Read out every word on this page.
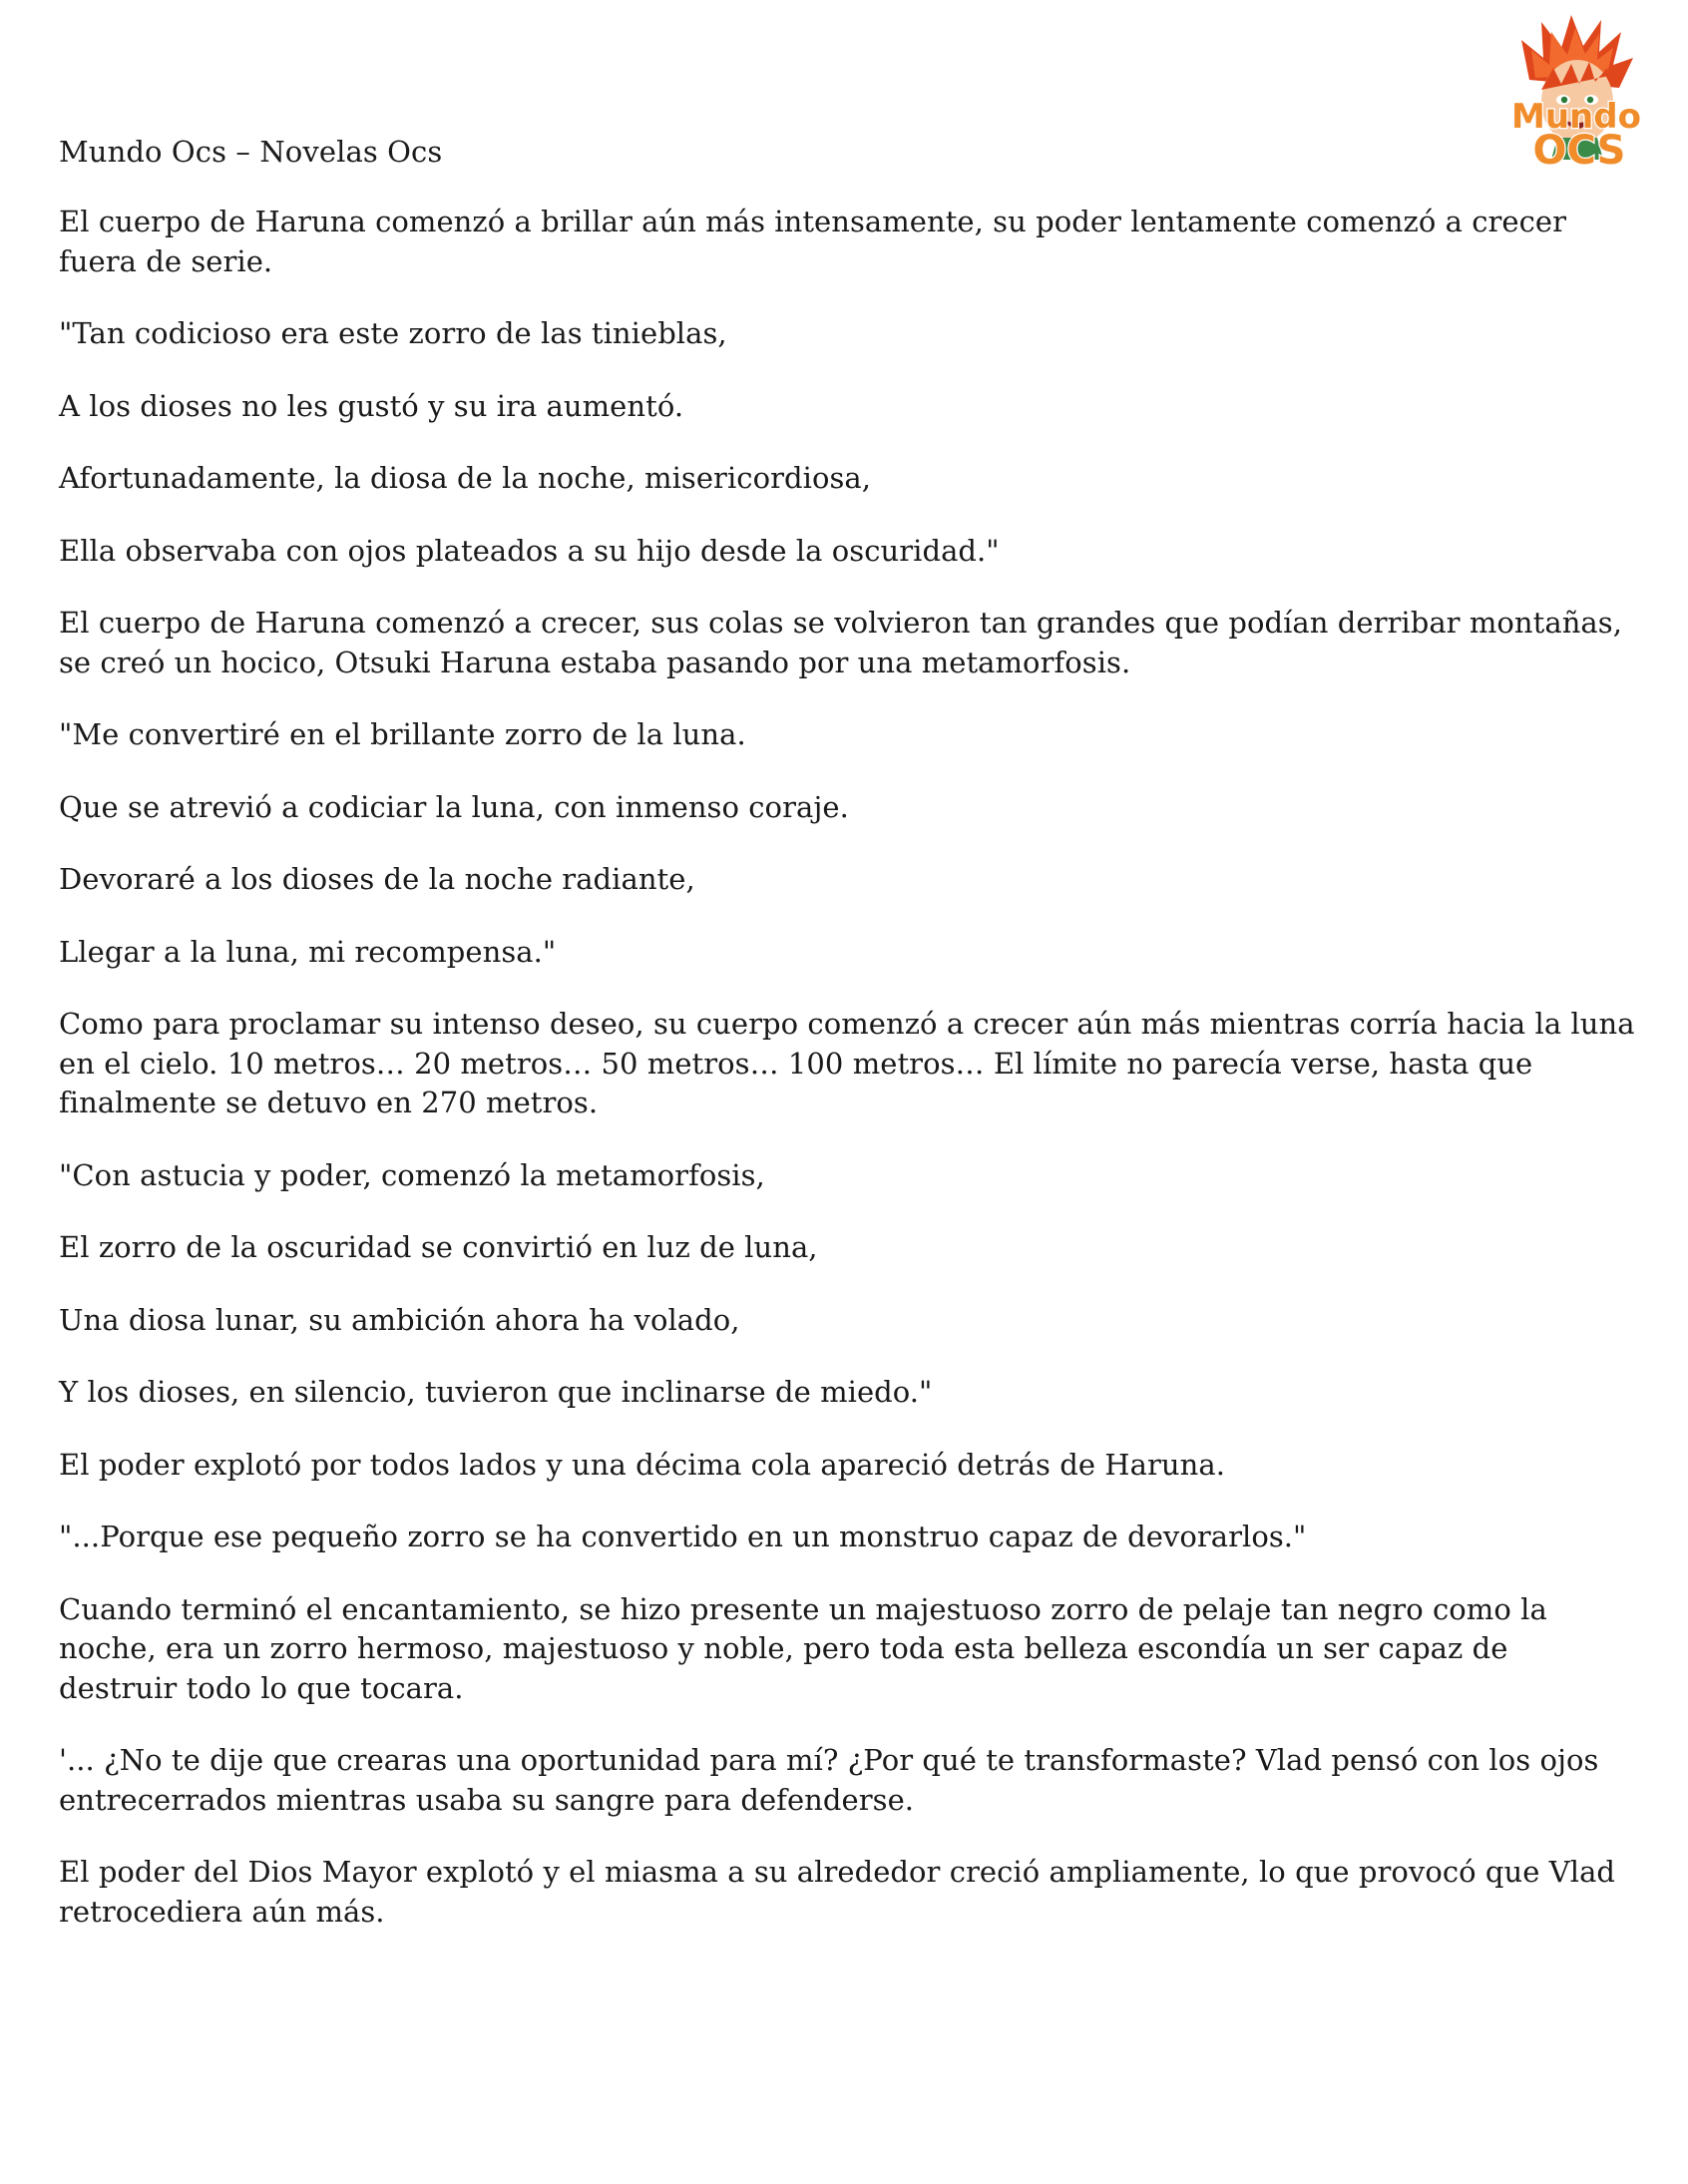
Mundo Ocs – Novelas Ocs
Mundo
OCS

El cuerpo de Haruna comenzó a brillar aún más intensamente, su poder lentamente comenzó a crecer fuera de serie.

"Tan codicioso era este zorro de las tinieblas,

A los dioses no les gustó y su ira aumentó.

Afortunadamente, la diosa de la noche, misericordiosa,

Ella observaba con ojos plateados a su hijo desde la oscuridad."

El cuerpo de Haruna comenzó a crecer, sus colas se volvieron tan grandes que podían derribar montañas, se creó un hocico, Otsuki Haruna estaba pasando por una metamorfosis.

"Me convertiré en el brillante zorro de la luna.

Que se atrevió a codiciar la luna, con inmenso coraje.

Devoraré a los dioses de la noche radiante,

Llegar a la luna, mi recompensa."

Como para proclamar su intenso deseo, su cuerpo comenzó a crecer aún más mientras corría hacia la luna en el cielo. 10 metros… 20 metros… 50 metros… 100 metros… El límite no parecía verse, hasta que finalmente se detuvo en 270 metros.

"Con astucia y poder, comenzó la metamorfosis,

El zorro de la oscuridad se convirtió en luz de luna,

Una diosa lunar, su ambición ahora ha volado,

Y los dioses, en silencio, tuvieron que inclinarse de miedo."

El poder explotó por todos lados y una décima cola apareció detrás de Haruna.

"...Porque ese pequeño zorro se ha convertido en un monstruo capaz de devorarlos."

Cuando terminó el encantamiento, se hizo presente un majestuoso zorro de pelaje tan negro como la noche, era un zorro hermoso, majestuoso y noble, pero toda esta belleza escondía un ser capaz de destruir todo lo que tocara.

'... ¿No te dije que crearas una oportunidad para mí? ¿Por qué te transformaste? Vlad pensó con los ojos entrecerrados mientras usaba su sangre para defenderse.

El poder del Dios Mayor explotó y el miasma a su alrededor creció ampliamente, lo que provocó que Vlad retrocediera aún más.
